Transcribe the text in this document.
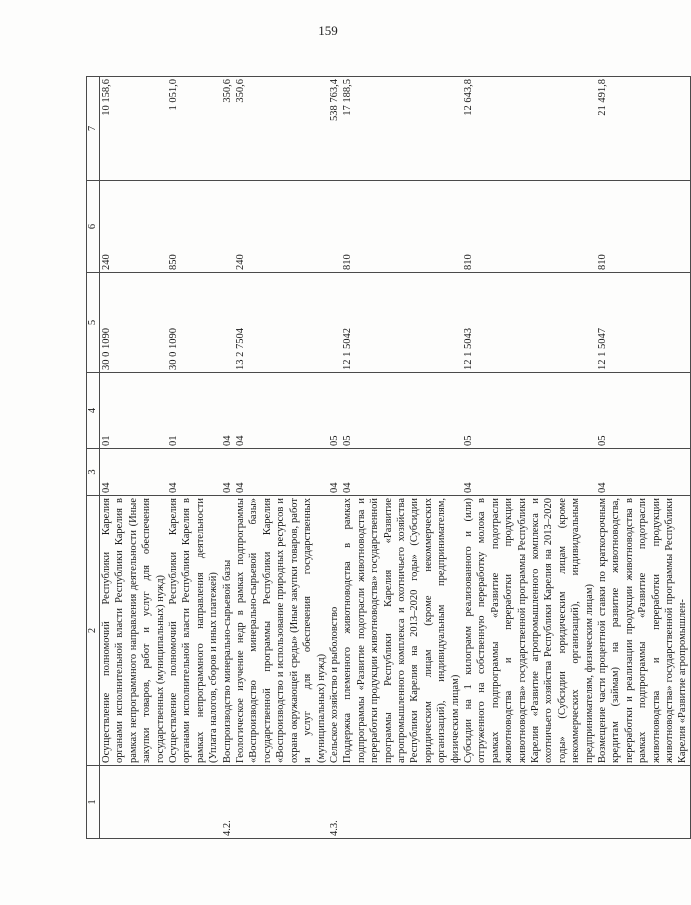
159
1	2	3	4	5	6	7
	Осуществление полномочий Республики Карелия органами исполнительной власти Республики Карелия в рамках непрограммного направления деятельности (Иные закупки товаров, работ и услуг для обеспечения государственных (муниципальных) нужд)	04	01	30 0 1090	240	10 158,6
	Осуществление полномочий Республики Карелия органами исполнительной власти Республики Карелия в рамках непрограммного направления деятельности (Уплата налогов, сборов и иных платежей)	04	01	30 0 1090	850	1 051,0
4.2.	Воспроизводство минерально-сырьевой базы	04	04			350,6
	Геологическое изучение недр в рамках подпрограммы «Воспроизводство минерально-сырьевой базы» государственной программы Республики Карелия «Воспроизводство и использование природных ресурсов и охрана окружающей среды» (Иные закупки товаров, работ и услуг для обеспечения государственных (муниципальных) нужд)	04	04	13 2 7504	240	350,6
4.3.	Сельское хозяйство и рыболовство	04	05			538 763,4
	Поддержка племенного животноводства в рамках подпрограммы «Развитие подотрасли животноводства и переработки продукции животноводства» государственной программы Республики Карелия «Развитие агропромышленного комплекса и охотничьего хозяйства Республики Карелия на 2013–2020 годы» (Субсидии юридическим лицам (кроме некоммерческих организаций), индивидуальным предпринимателям, физическим лицам)	04	05	12 1 5042	810	17 188,5
	Субсидии на 1 килограмм реализованного и (или) отгруженного на собственную переработку молока в рамках подпрограммы «Развитие подотрасли животноводства и переработки продукции животноводства» государственной программы Республики Карелия «Развитие агропромышленного комплекса и охотничьего хозяйства Республики Карелия на 2013–2020 годы» (Субсидии юридическим лицам (кроме некоммерческих организаций), индивидуальным предпринимателям, физическим лицам)	04	05	12 1 5043	810	12 643,8
	Возмещение части процентной ставки по краткосрочным кредитам (займам) на развитие животноводства, переработки и реализации продукции животноводства в рамках подпрограммы «Развитие подотрасли животноводства и переработки продукции животноводства» государственной программы Республики Карелия «Развитие агропромышлен-	04	05	12 1 5047	810	21 491,8
